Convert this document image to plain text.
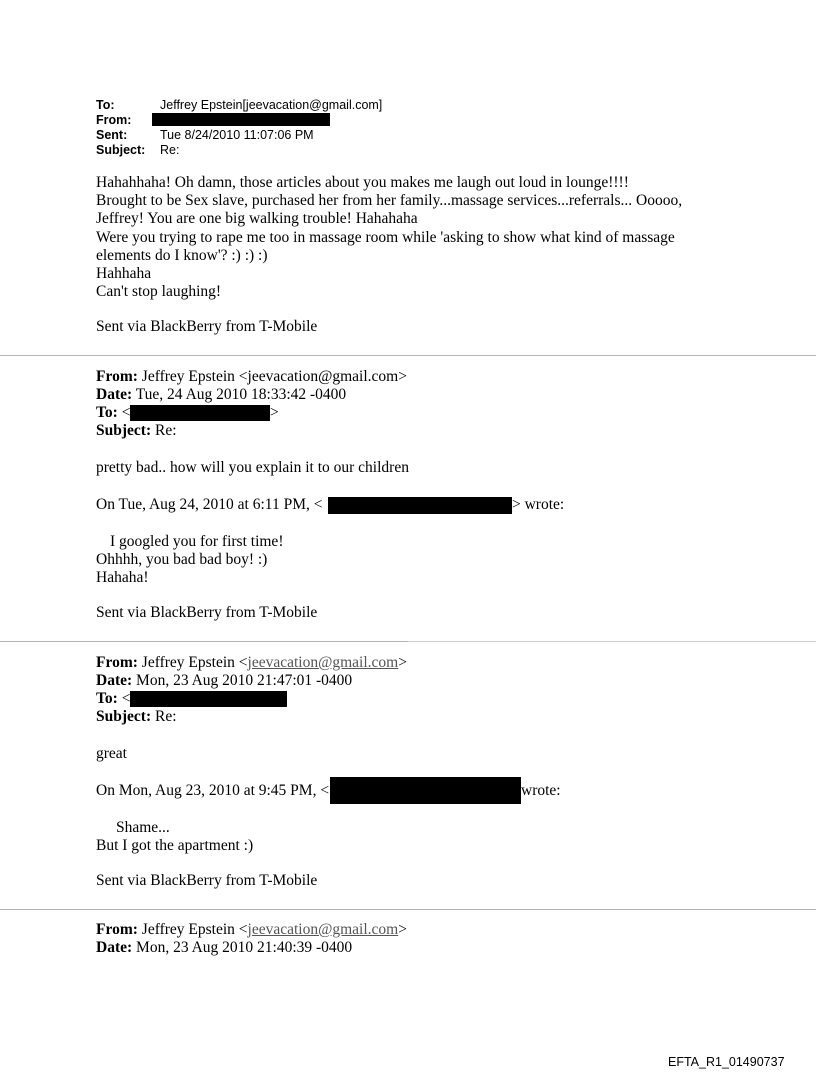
To:	Jeffrey Epstein[jeevacation@gmail.com]
From:
Sent:	Tue 8/24/2010 11:07:06 PM
Subject: Re:
Hahahhaha! Oh damn, those articles about you makes me laugh out loud in lounge!!!!
Brought to be Sex slave, purchased her from her family...massage services...referrals... Ooooo,
Jeffrey! You are one big walking trouble! Hahahaha
Were you trying to rape me too in massage room while 'asking to show what kind of massage
elements do I know'? :) :) :)
Hahhaha
Can't stop laughing!
Sent via BlackBerry from T-Mobile
From: Jeffrey Epstein <jeevacation@gmail.com>
Date: Tue, 24 Aug 2010 18:33:42 -0400
To: <	>
Subject: Re:
pretty bad.. how will you explain it to our children
On Tue, Aug 24, 2010 at 6:11 PM, <	> wrote:
I googled you for first time!
Ohhhh, you bad bad boy! :)
Hahaha!
Sent via BlackBerry from T-Mobile
From: Jeffrey Epstein <jeevacation@gmail.com>
Date: Mon, 23 Aug 2010 21:47:01 -0400
To: <
Subject: Re:
great
On Mon, Aug 23, 2010 at 9:45 PM, <	wrote:
Shame...
But I got the apartment :)
Sent via BlackBerry from T-Mobile
From: Jeffrey Epstein <jeevacation@gmail.com>
Date: Mon, 23 Aug 2010 21:40:39 -0400
EFTA_R1_01490737
